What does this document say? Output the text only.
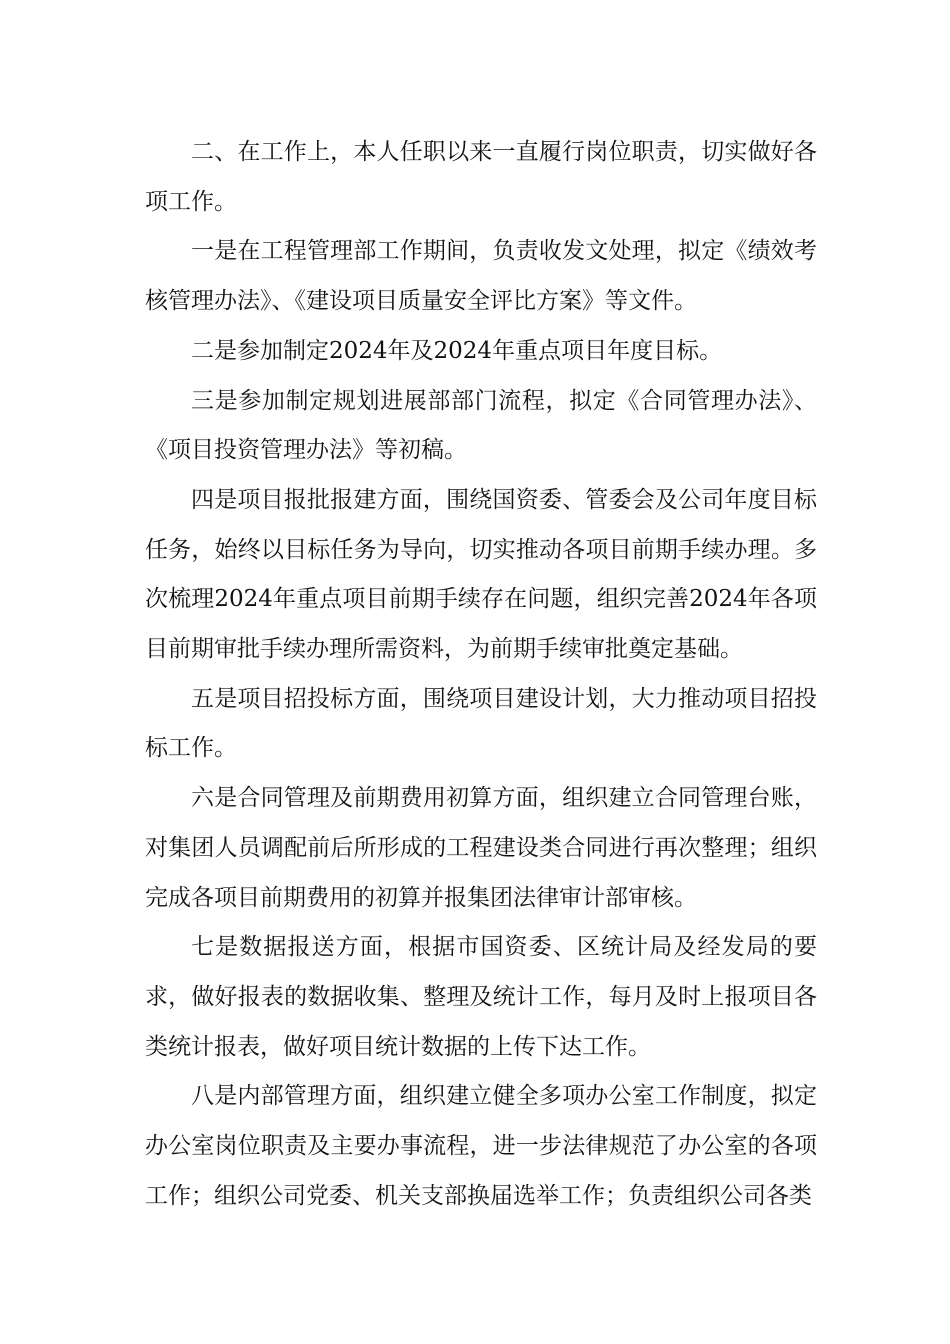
二、在工作上，本人任职以来一直履行岗位职责，切实做好各项工作。

一是在工程管理部工作期间，负责收发文处理，拟定《绩效考核管理办法》、《建设项目质量安全评比方案》等文件。

二是参加制定2024年及2024年重点项目年度目标。

三是参加制定规划进展部部门流程，拟定《合同管理办法》、《项目投资管理办法》等初稿。

四是项目报批报建方面，围绕国资委、管委会及公司年度目标任务，始终以目标任务为导向，切实推动各项目前期手续办理。多次梳理2024年重点项目前期手续存在问题，组织完善2024年各项目前期审批手续办理所需资料，为前期手续审批奠定基础。

五是项目招投标方面，围绕项目建设计划，大力推动项目招投标工作。

六是合同管理及前期费用初算方面，组织建立合同管理台账，对集团人员调配前后所形成的工程建设类合同进行再次整理；组织完成各项目前期费用的初算并报集团法律审计部审核。

七是数据报送方面，根据市国资委、区统计局及经发局的要求，做好报表的数据收集、整理及统计工作，每月及时上报项目各类统计报表，做好项目统计数据的上传下达工作。

八是内部管理方面，组织建立健全多项办公室工作制度，拟定办公室岗位职责及主要办事流程，进一步法律规范了办公室的各项工作；组织公司党委、机关支部换届选举工作；负责组织公司各类
